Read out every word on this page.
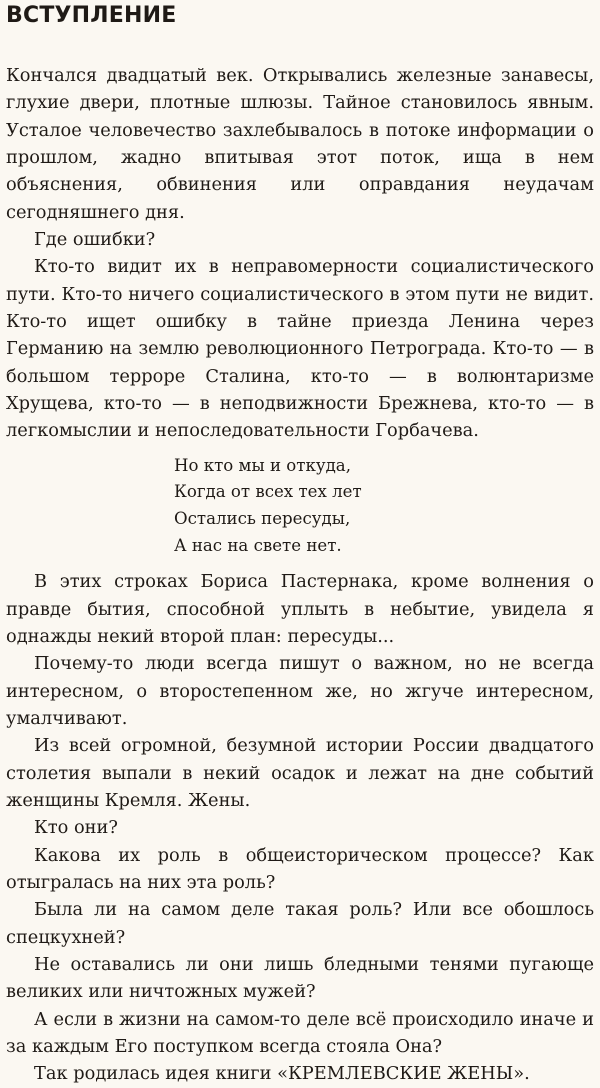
ВСТУПЛЕНИЕ

Кончался двадцатый век. Открывались железные занавесы, глухие двери, плотные шлюзы. Тайное становилось явным. Усталое человечество захлебывалось в потоке информации о прошлом, жадно впитывая этот поток, ища в нем объяснения, обвинения или оправдания неудачам сегодняшнего дня.

Где ошибки?

Кто-то видит их в неправомерности социалистического пути. Кто-то ничего социалистического в этом пути не видит. Кто-то ищет ошибку в тайне приезда Ленина через Германию на землю революционного Петрограда. Кто-то — в большом терроре Сталина, кто-то — в волюнтаризме Хрущева, кто-то — в неподвижности Брежнева, кто-то — в легкомыслии и непоследовательности Горбачева.

Но кто мы и откуда,
Когда от всех тех лет
Остались пересуды,
А нас на свете нет.

В этих строках Бориса Пастернака, кроме волнения о правде бытия, способной уплыть в небытие, увидела я однажды некий второй план: пересуды...

Почему-то люди всегда пишут о важном, но не всегда интересном, о второстепенном же, но жгуче интересном, умалчивают.

Из всей огромной, безумной истории России двадцатого столетия выпали в некий осадок и лежат на дне событий женщины Кремля. Жены.

Кто они?

Какова их роль в общеисторическом процессе? Как отыгралась на них эта роль?

Была ли на самом деле такая роль? Или все обошлось спецкухней?

Не оставались ли они лишь бледными тенями пугающе великих или ничтожных мужей?

А если в жизни на самом-то деле всё происходило иначе и за каждым Его поступком всегда стояла Она?

Так родилась идея книги «КРЕМЛЕВСКИЕ ЖЕНЫ».
